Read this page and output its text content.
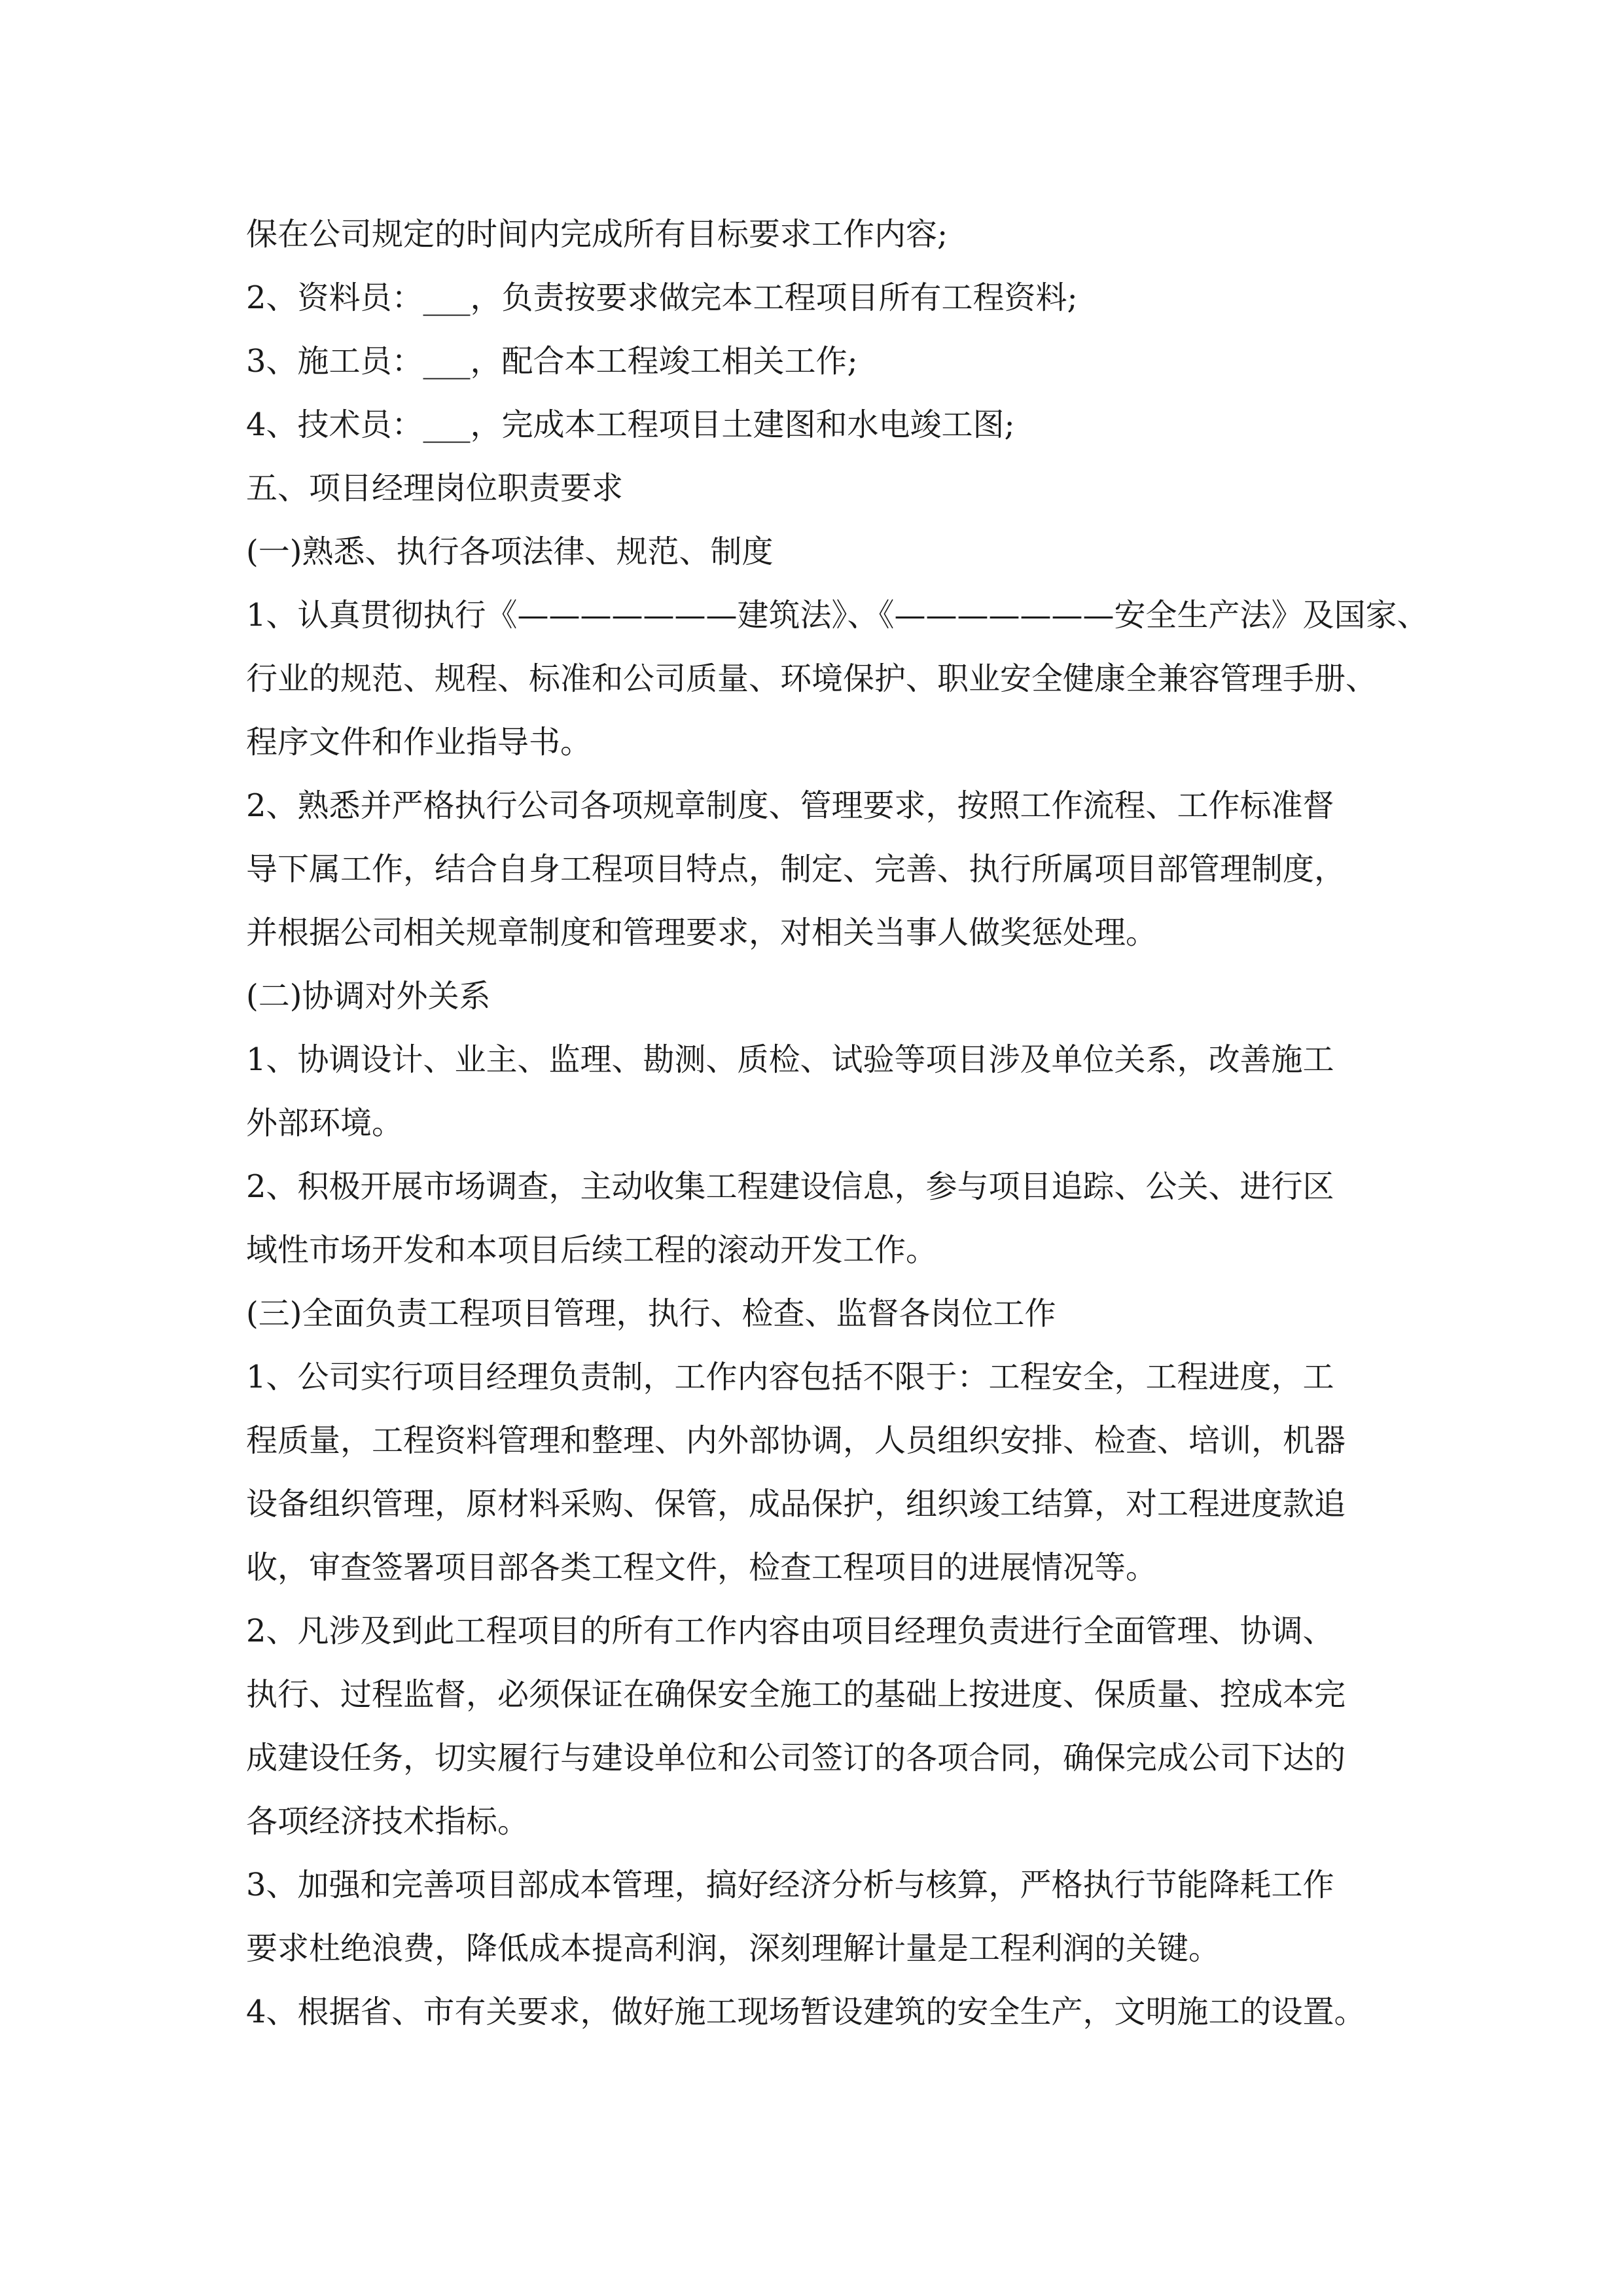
保在公司规定的时间内完成所有目标要求工作内容;
2、资料员：___，负责按要求做完本工程项目所有工程资料;
3、施工员：___，配合本工程竣工相关工作;
4、技术员：___，完成本工程项目土建图和水电竣工图;
五、项目经理岗位职责要求
(一)熟悉、执行各项法律、规范、制度
1、认真贯彻执行《———————建筑法》、《———————安全生产法》及国家、
行业的规范、规程、标准和公司质量、环境保护、职业安全健康全兼容管理手册、
程序文件和作业指导书。
2、熟悉并严格执行公司各项规章制度、管理要求，按照工作流程、工作标准督
导下属工作，结合自身工程项目特点，制定、完善、执行所属项目部管理制度，
并根据公司相关规章制度和管理要求，对相关当事人做奖惩处理。
(二)协调对外关系
1、协调设计、业主、监理、勘测、质检、试验等项目涉及单位关系，改善施工
外部环境。
2、积极开展市场调查，主动收集工程建设信息，参与项目追踪、公关、进行区
域性市场开发和本项目后续工程的滚动开发工作。
(三)全面负责工程项目管理，执行、检查、监督各岗位工作
1、公司实行项目经理负责制，工作内容包括不限于：工程安全，工程进度，工
程质量，工程资料管理和整理、内外部协调，人员组织安排、检查、培训，机器
设备组织管理，原材料采购、保管，成品保护，组织竣工结算，对工程进度款追
收，审查签署项目部各类工程文件，检查工程项目的进展情况等。
2、凡涉及到此工程项目的所有工作内容由项目经理负责进行全面管理、协调、
执行、过程监督，必须保证在确保安全施工的基础上按进度、保质量、控成本完
成建设任务，切实履行与建设单位和公司签订的各项合同，确保完成公司下达的
各项经济技术指标。
3、加强和完善项目部成本管理，搞好经济分析与核算，严格执行节能降耗工作
要求杜绝浪费，降低成本提高利润，深刻理解计量是工程利润的关键。
4、根据省、市有关要求，做好施工现场暂设建筑的安全生产，文明施工的设置。
